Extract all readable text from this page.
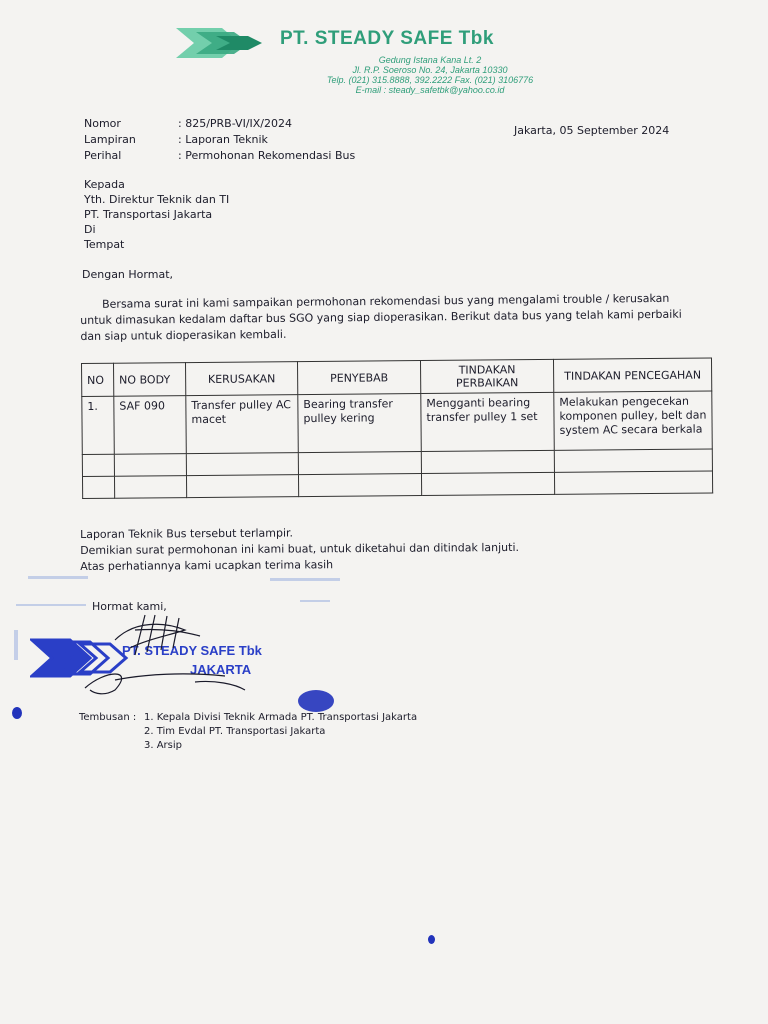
PT. STEADY SAFE Tbk
Gedung Istana Kana Lt. 2
Jl. R.P. Soeroso No. 24, Jakarta 10330
Telp. (021) 315.8888, 392.2222 Fax. (021) 3106776
E-mail : steady_safetbk@yahoo.co.id
Nomor	: 825/PRB-VI/IX/2024
Lampiran	: Laporan Teknik
Perihal	: Permohonan Rekomendasi Bus
Jakarta, 05 September 2024
Kepada
Yth. Direktur Teknik dan TI
PT. Transportasi Jakarta
Di
Tempat
Dengan Hormat,
Bersama surat ini kami sampaikan permohonan rekomendasi bus yang mengalami trouble / kerusakan untuk dimasukan kedalam daftar bus SGO yang siap dioperasikan. Berikut data bus yang telah kami perbaiki dan siap untuk dioperasikan kembali.
NO	NO BODY	KERUSAKAN	PENYEBAB	TINDAKAN PERBAIKAN	TINDAKAN PENCEGAHAN
1.	SAF 090	Transfer pulley AC macet	Bearing transfer pulley kering	Mengganti bearing transfer pulley 1 set	Melakukan pengecekan komponen pulley, belt dan system AC secara berkala

Laporan Teknik Bus tersebut terlampir.
Demikian surat permohonan ini kami buat, untuk diketahui dan ditindak lanjuti.
Atas perhatiannya kami ucapkan terima kasih
Hormat kami,
PT. STEADY SAFE Tbk
JAKARTA
Tembusan : 1. Kepala Divisi Teknik Armada PT. Transportasi Jakarta
2. Tim Evdal PT. Transportasi Jakarta
3. Arsip
